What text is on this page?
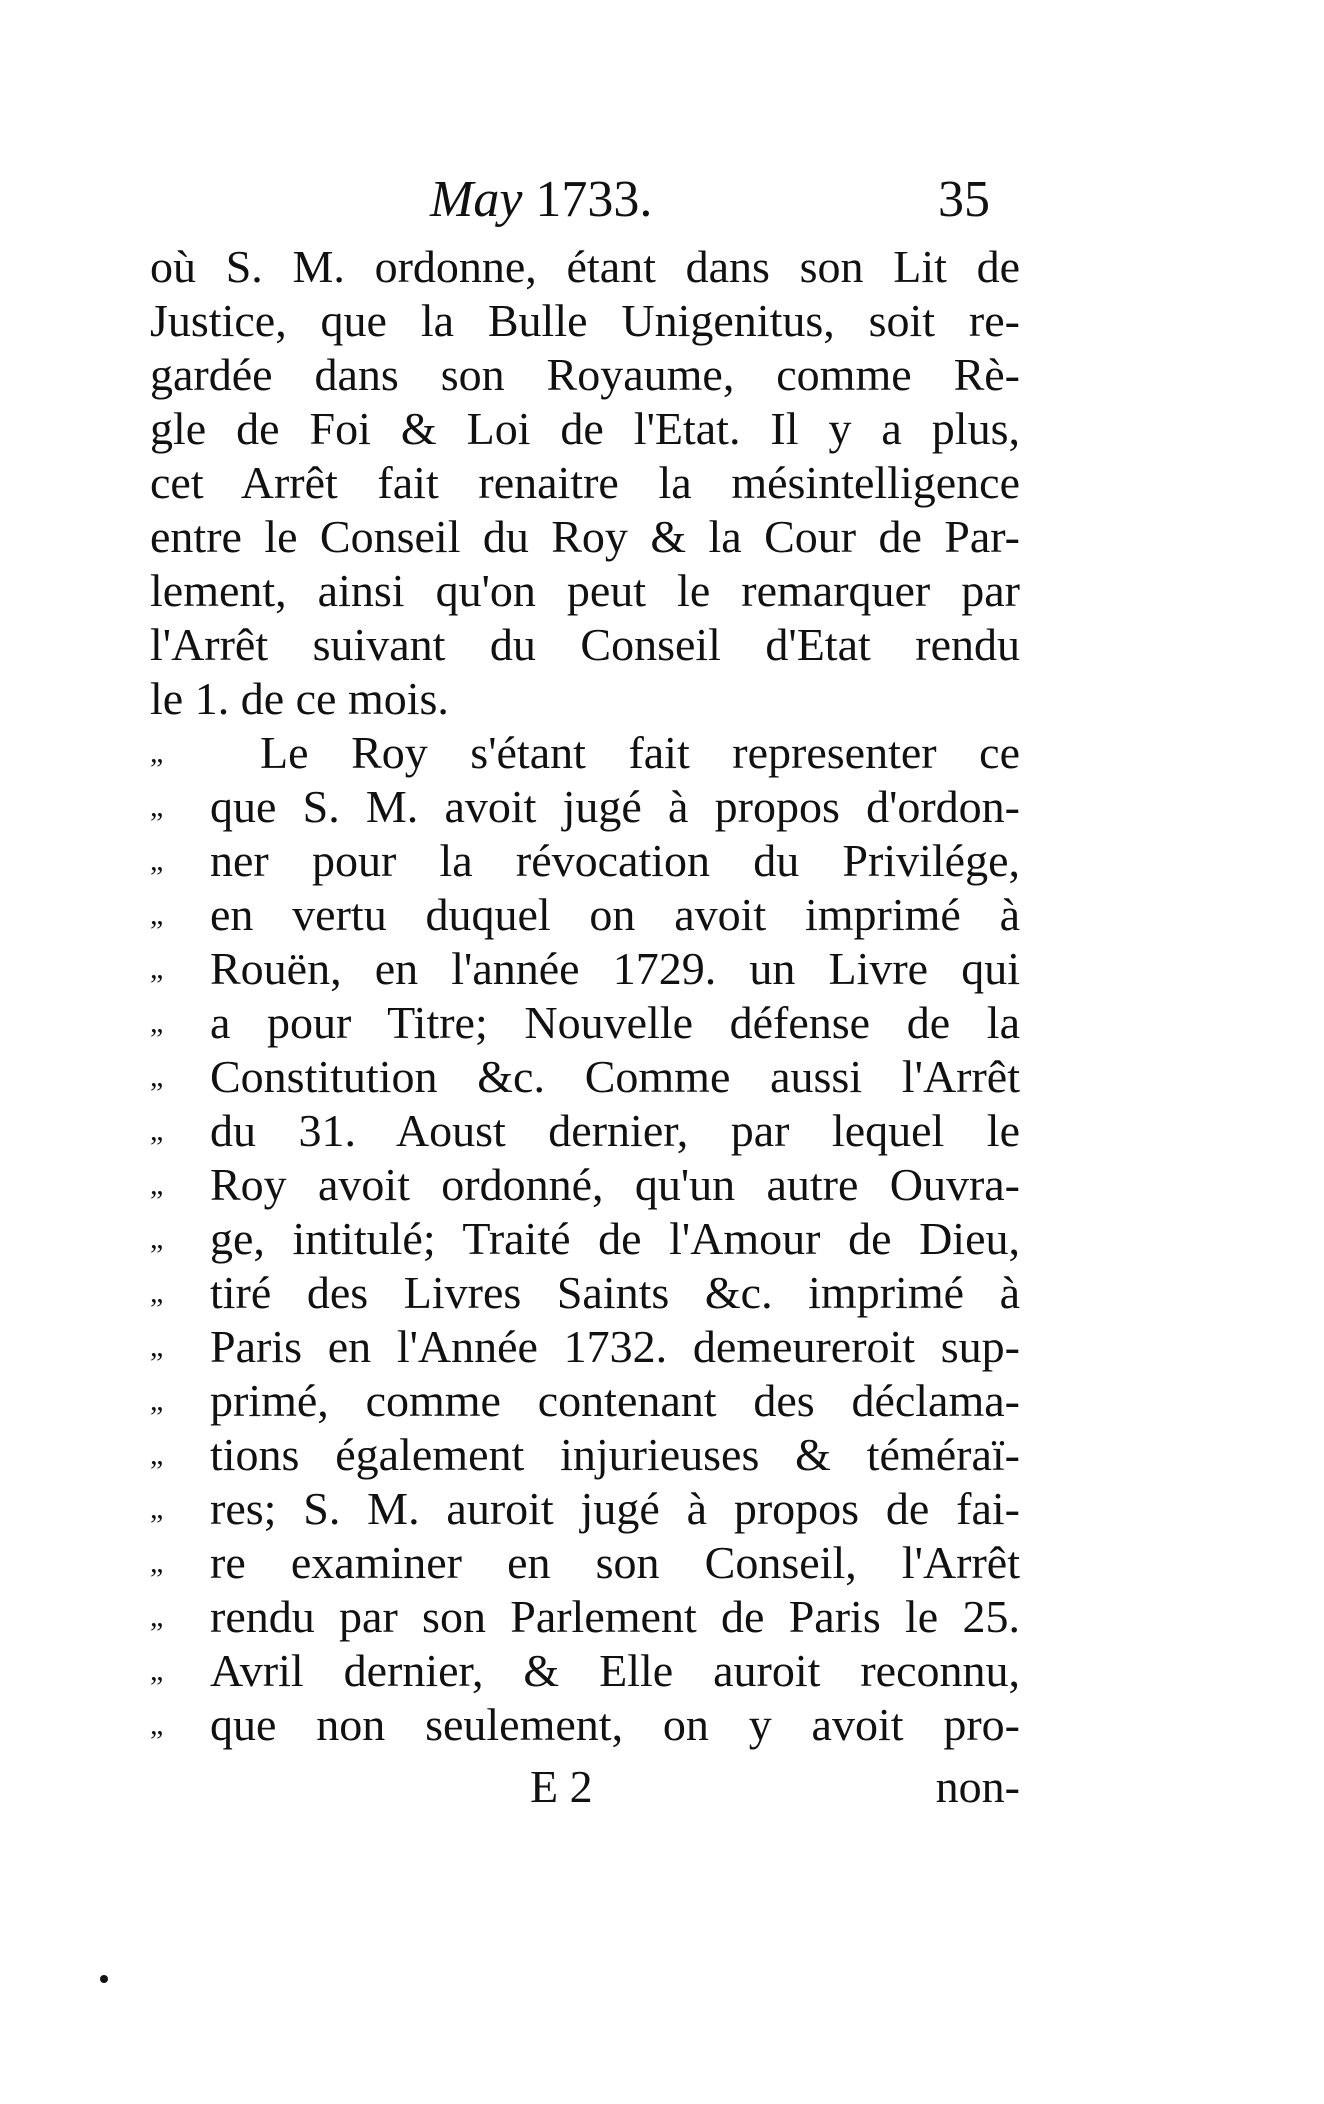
May 1733.	35
où S. M. ordonne, étant dans son Lit de
Justice, que la Bulle Unigenitus, soit re-
gardée dans son Royaume, comme Rè-
gle de Foi & Loi de l'Etat. Il y a plus,
cet Arrêt fait renaitre la mésintelligence
entre le Conseil du Roy & la Cour de Par-
lement, ainsi qu'on peut le remarquer par
l'Arrêt suivant du Conseil d'Etat rendu
le 1. de ce mois.
„	Le Roy s'étant fait representer ce
„	que S. M. avoit jugé à propos d'ordon-
„	ner pour la révocation du Privilége,
„	en vertu duquel on avoit imprimé à
„	Rouën, en l'année 1729. un Livre qui
„	a pour Titre; Nouvelle défense de la
„	Constitution &c. Comme aussi l'Arrêt
„	du 31. Aoust dernier, par lequel le
„	Roy avoit ordonné, qu'un autre Ouvra-
„	ge, intitulé; Traité de l'Amour de Dieu,
„	tiré des Livres Saints &c. imprimé à
„	Paris en l'Année 1732. demeureroit sup-
„	primé, comme contenant des déclama-
„	tions également injurieuses & téméraï-
„	res; S. M. auroit jugé à propos de fai-
„	re examiner en son Conseil, l'Arrêt
„	rendu par son Parlement de Paris le 25.
„	Avril dernier, & Elle auroit reconnu,
„	que non seulement, on y avoit pro-
E 2	non-
